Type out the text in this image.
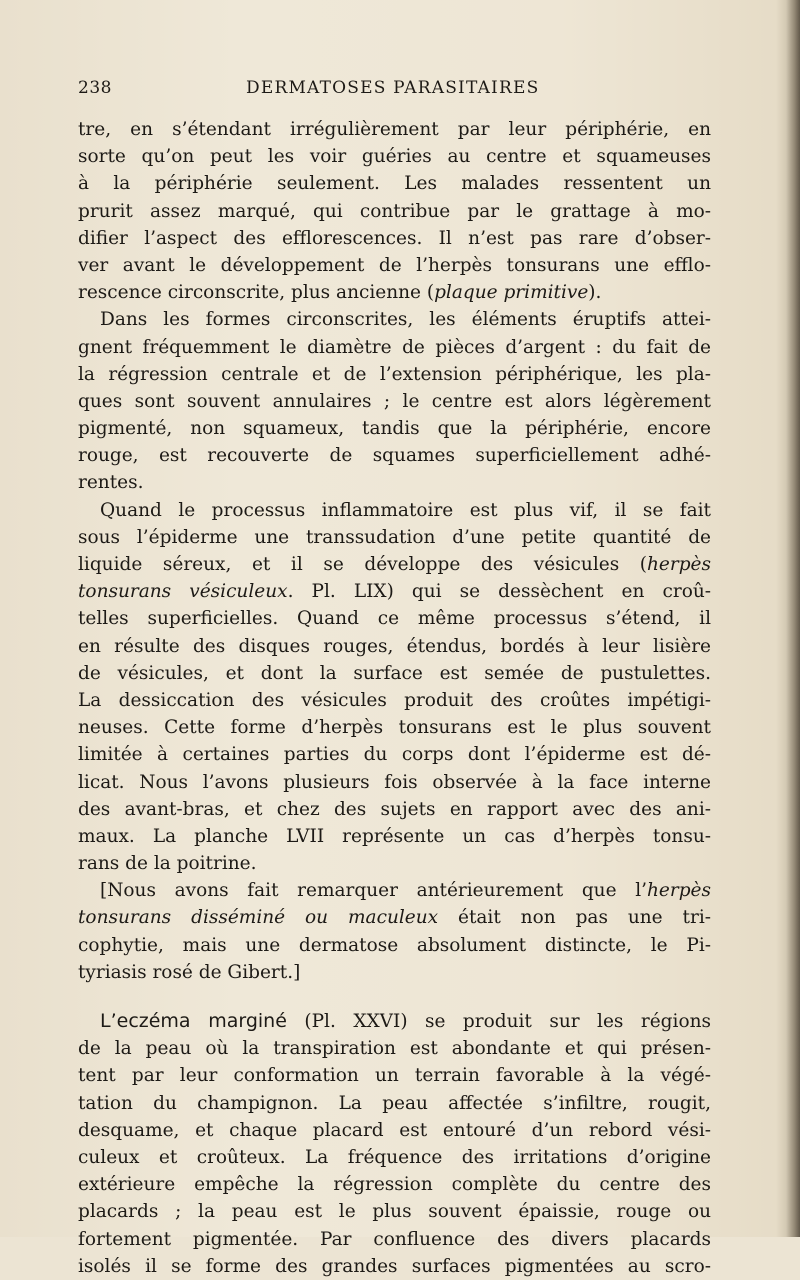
238	DERMATOSES PARASITAIRES
tre, en s’étendant irrégulièrement par leur périphérie, en
sorte qu’on peut les voir guéries au centre et squameuses
à la périphérie seulement. Les malades ressentent un
prurit assez marqué, qui contribue par le grattage à mo-
difier l’aspect des efflorescences. Il n’est pas rare d’obser-
ver avant le développement de l’herpès tonsurans une efflo-
rescence circonscrite, plus ancienne (plaque primitive).
Dans les formes circonscrites, les éléments éruptifs attei-
gnent fréquemment le diamètre de pièces d’argent : du fait de
la régression centrale et de l’extension périphérique, les pla-
ques sont souvent annulaires ; le centre est alors légèrement
pigmenté, non squameux, tandis que la périphérie, encore
rouge, est recouverte de squames superficiellement adhé-
rentes.
Quand le processus inflammatoire est plus vif, il se fait
sous l’épiderme une transsudation d’une petite quantité de
liquide séreux, et il se développe des vésicules (herpès
tonsurans vésiculeux. Pl. LIX) qui se dessèchent en croû-
telles superficielles. Quand ce même processus s’étend, il
en résulte des disques rouges, étendus, bordés à leur lisière
de vésicules, et dont la surface est semée de pustulettes.
La dessiccation des vésicules produit des croûtes impétigi-
neuses. Cette forme d’herpès tonsurans est le plus souvent
limitée à certaines parties du corps dont l’épiderme est dé-
licat. Nous l’avons plusieurs fois observée à la face interne
des avant-bras, et chez des sujets en rapport avec des ani-
maux. La planche LVII représente un cas d’herpès tonsu-
rans de la poitrine.
[Nous avons fait remarquer antérieurement que l’herpès
tonsurans disséminé ou maculeux était non pas une tri-
cophytie, mais une dermatose absolument distincte, le Pi-
tyriasis rosé de Gibert.]
L’eczéma marginé (Pl. XXVI) se produit sur les régions
de la peau où la transpiration est abondante et qui présen-
tent par leur conformation un terrain favorable à la végé-
tation du champignon. La peau affectée s’infiltre, rougit,
desquame, et chaque placard est entouré d’un rebord vési-
culeux et croûteux. La fréquence des irritations d’origine
extérieure empêche la régression complète du centre des
placards ; la peau est le plus souvent épaissie, rouge ou
fortement pigmentée. Par confluence des divers placards
isolés il se forme des grandes surfaces pigmentées au scro-
